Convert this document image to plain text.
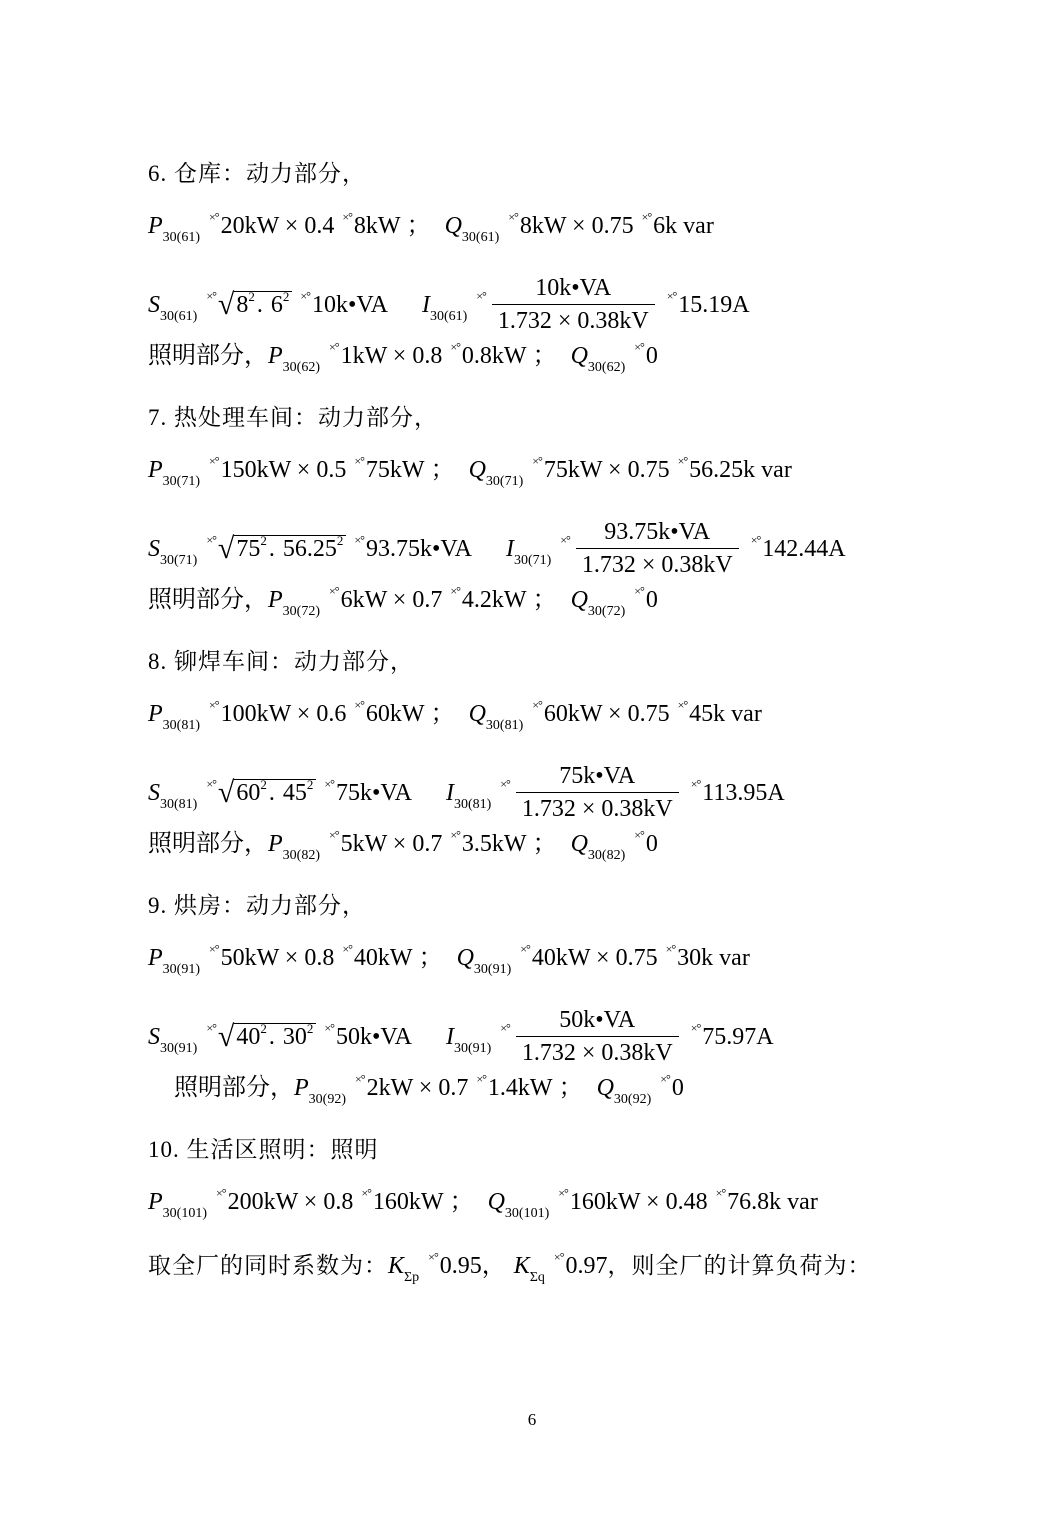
6. 仓库：动力部分，
$P_{30(61)}\times^\circ 20kW \times 0.4 \times^\circ 8kW$ ； $Q_{30(61)}\times^\circ 8kW \times 0.75 \times^\circ 6k$ var
$S_{30(61)}\times^\circ√8^2$. $6^2$ ×°10k•VA $I_{30(61)}\times^\circ \frac{10k•VA}{1.732 \times 0.38kV} \times^\circ 15.19A$
照明部分，$P_{30(62)}\times^\circ 1kW \times 0.8 \times^\circ 0.8kW$ ； $Q_{30(62)}\times^\circ 0$
7. 热处理车间：动力部分，
$P_{30(71)}\times^\circ 150kW \times 0.5 \times^\circ 75kW$ ； $Q_{30(71)}\times^\circ 75kW \times 0.75 \times^\circ 56.25k$ var
$S_{30(71)}\times^\circ√75^2$. $56.25^2$ ×°93.75k•VA $I_{30(71)}\times^\circ \frac{93.75k•VA}{1.732 \times 0.38kV} \times^\circ 142.44A$
照明部分，$P_{30(72)}\times^\circ 6kW \times 0.7 \times^\circ 4.2kW$ ； $Q_{30(72)}\times^\circ 0$
8. 铆焊车间：动力部分，
$P_{30(81)}\times^\circ 100kW \times 0.6 \times^\circ 60kW$ ； $Q_{30(81)}\times^\circ 60kW \times 0.75 \times^\circ 45k$ var
$S_{30(81)}\times^\circ√60^2$. $45^2$ ×°75k•VA $I_{30(81)}\times^\circ \frac{75k•VA}{1.732 \times 0.38kV} \times^\circ 113.95A$
照明部分，$P_{30(82)}\times^\circ 5kW \times 0.7 \times^\circ 3.5kW$ ； $Q_{30(82)}\times^\circ 0$
9. 烘房：动力部分，
$P_{30(91)}\times^\circ 50kW \times 0.8 \times^\circ 40kW$ ； $Q_{30(91)}\times^\circ 40kW \times 0.75 \times^\circ 30k$ var
$S_{30(91)}\times^\circ√40^2$. $30^2$ ×°50k•VA $I_{30(91)}\times^\circ \frac{50k•VA}{1.732 \times 0.38kV} \times^\circ 75.97A$
照明部分，$P_{30(92)}\times^\circ 2kW \times 0.7 \times^\circ 1.4kW$ ； $Q_{30(92)}\times^\circ 0$
10. 生活区照明：照明
$P_{30(101)}\times^\circ 200kW \times 0.8 \times^\circ 160kW$ ； $Q_{30(101)}\times^\circ 160kW \times 0.48 \times^\circ 76.8k$ var
取全厂的同时系数为：$K_{\Sigma p}\times^\circ 0.95$， $K_{\Sigma q}\times^\circ 0.97$，则全厂的计算负荷为：
6
